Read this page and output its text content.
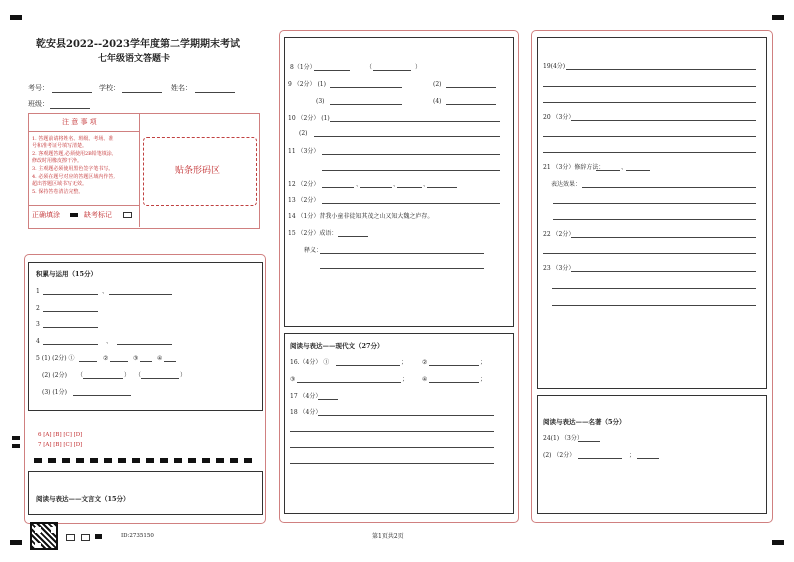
乾安县2022--2023学年度第二学期期末考试
七年级语文答题卡
考号：	学校：	姓名：
班级：
注 意 事 项
1. 答题前请将姓名、班级、考场、准
号和准考证号填写清楚。
2. 客观题答题,必须使用2B铅笔填涂,
修改时用橡皮擦干净。
3. 主观题必须使用黑色签字笔书写。
4. 必须在题号对应的答题区域内作答,
超出答题区域书写无效。
5. 保持答卷清洁完整。
贴条形码区
正确填涂	缺考标记
积累与运用（15分）
1	、
2
3
4	、
5 (1) (2分) ①	②	③	④
(2) (2分) （	） （	）
(3) (1分)
6 [A] [B] [C] [D]
7 [A] [B] [C] [D]
阅读与表达——文言文（15分）
ID:2735150	第1页共2页
8（1分）	（	）
9 （2分） (1)	(2)
(3)	(4)
10 （2分） (1)
(2)
11 （3分）
12 （2分）	、	、	、
13 （2分）
14 （1分）昔我小童非徒知其茂之山又知大魏之庐存。
15 （2分）成语：
释义：
阅读与表达——现代文（27分）
16.（4分） ①	； ②	；
③	； ④	；
17 （4分）
18 （4分）
19(4分)
20 （3分）
21 （3分）修辞方法：	、
表达效果：
22 （2分）
23 （3分）
阅读与表达——名著（5分）
24(1) （3分）
(2) （2分）	；
